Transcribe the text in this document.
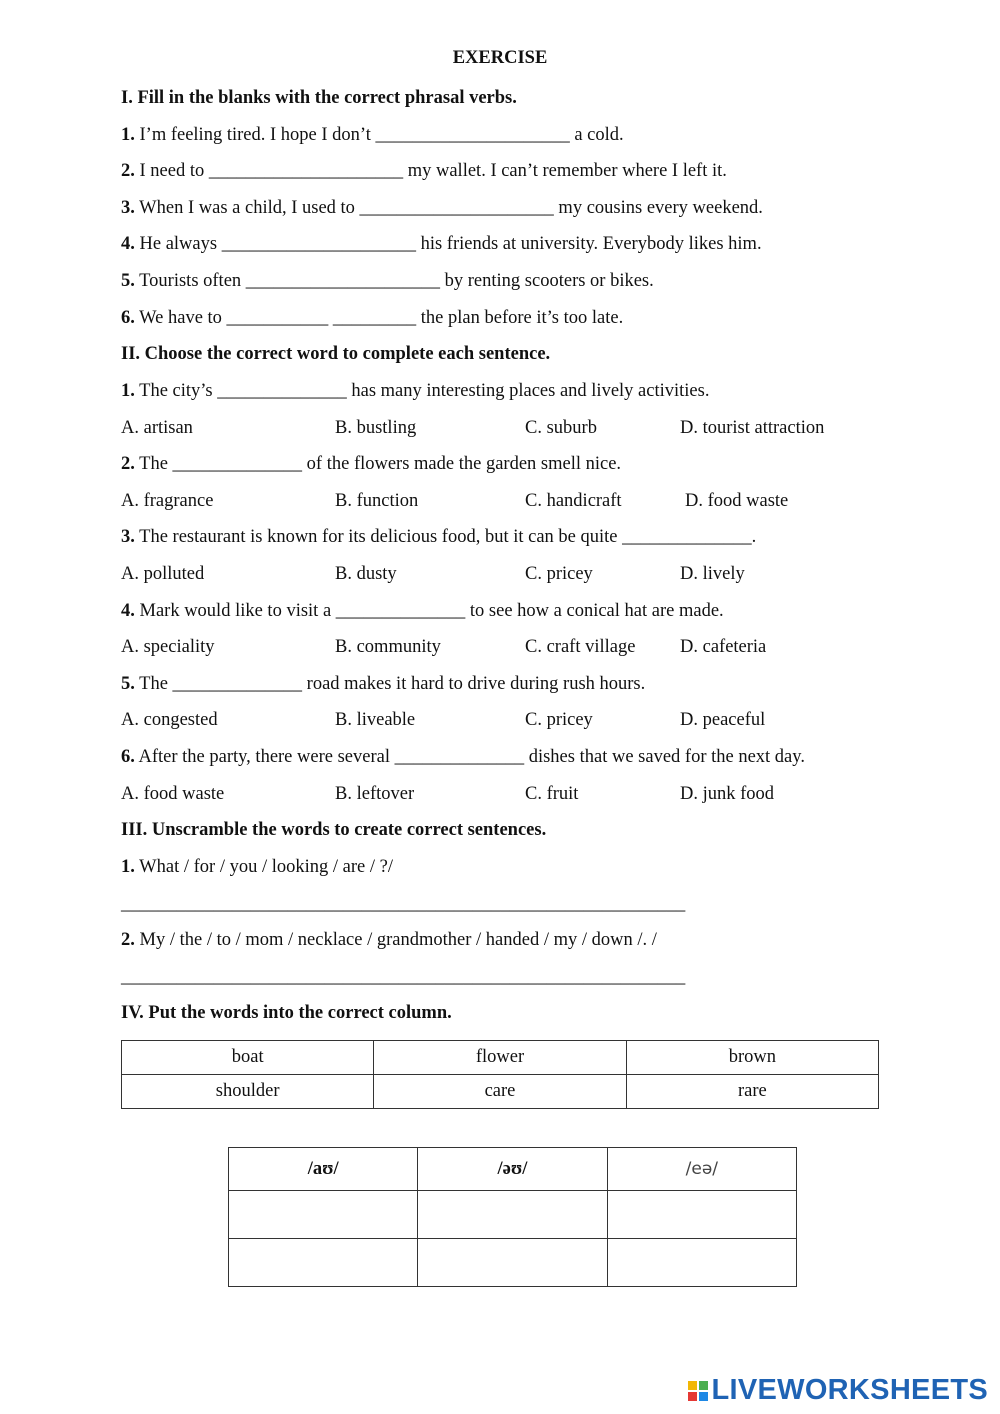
EXERCISE
I. Fill in the blanks with the correct phrasal verbs.
1. I’m feeling tired. I hope I don’t _____________________ a cold.
2. I need to _____________________ my wallet. I can’t remember where I left it.
3. When I was a child, I used to _____________________ my cousins every weekend.
4. He always _____________________ his friends at university. Everybody likes him.
5. Tourists often _____________________ by renting scooters or bikes.
6. We have to ___________ _________ the plan before it’s too late.
II. Choose the correct word to complete each sentence.
1. The city’s ______________ has many interesting places and lively activities.
A. artisan	B. bustling	C. suburb	D. tourist attraction
2. The ______________ of the flowers made the garden smell nice.
A. fragrance	B. function	C. handicraft	D. food waste
3. The restaurant is known for its delicious food, but it can be quite ______________.
A. polluted	B. dusty	C. pricey	D. lively
4. Mark would like to visit a ______________ to see how a conical hat are made.
A. speciality	B. community	C. craft village D. cafeteria
5. The ______________ road makes it hard to drive during rush hours.
A. congested	B. liveable	C. pricey	D. peaceful
6. After the party, there were several ______________ dishes that we saved for the next day.
A. food waste	B. leftover	C. fruit	D. junk food
III. Unscramble the words to create correct sentences.
1. What / for / you / looking / are / ?/
_____________________________________________________________
2. My / the / to / mom / necklace / grandmother / handed / my / down /. /
_____________________________________________________________
IV. Put the words into the correct column.
boat	flower	brown
shoulder	care	rare
/aʊ/	/əʊ/	/eə/

LIVEWORKSHEETS
